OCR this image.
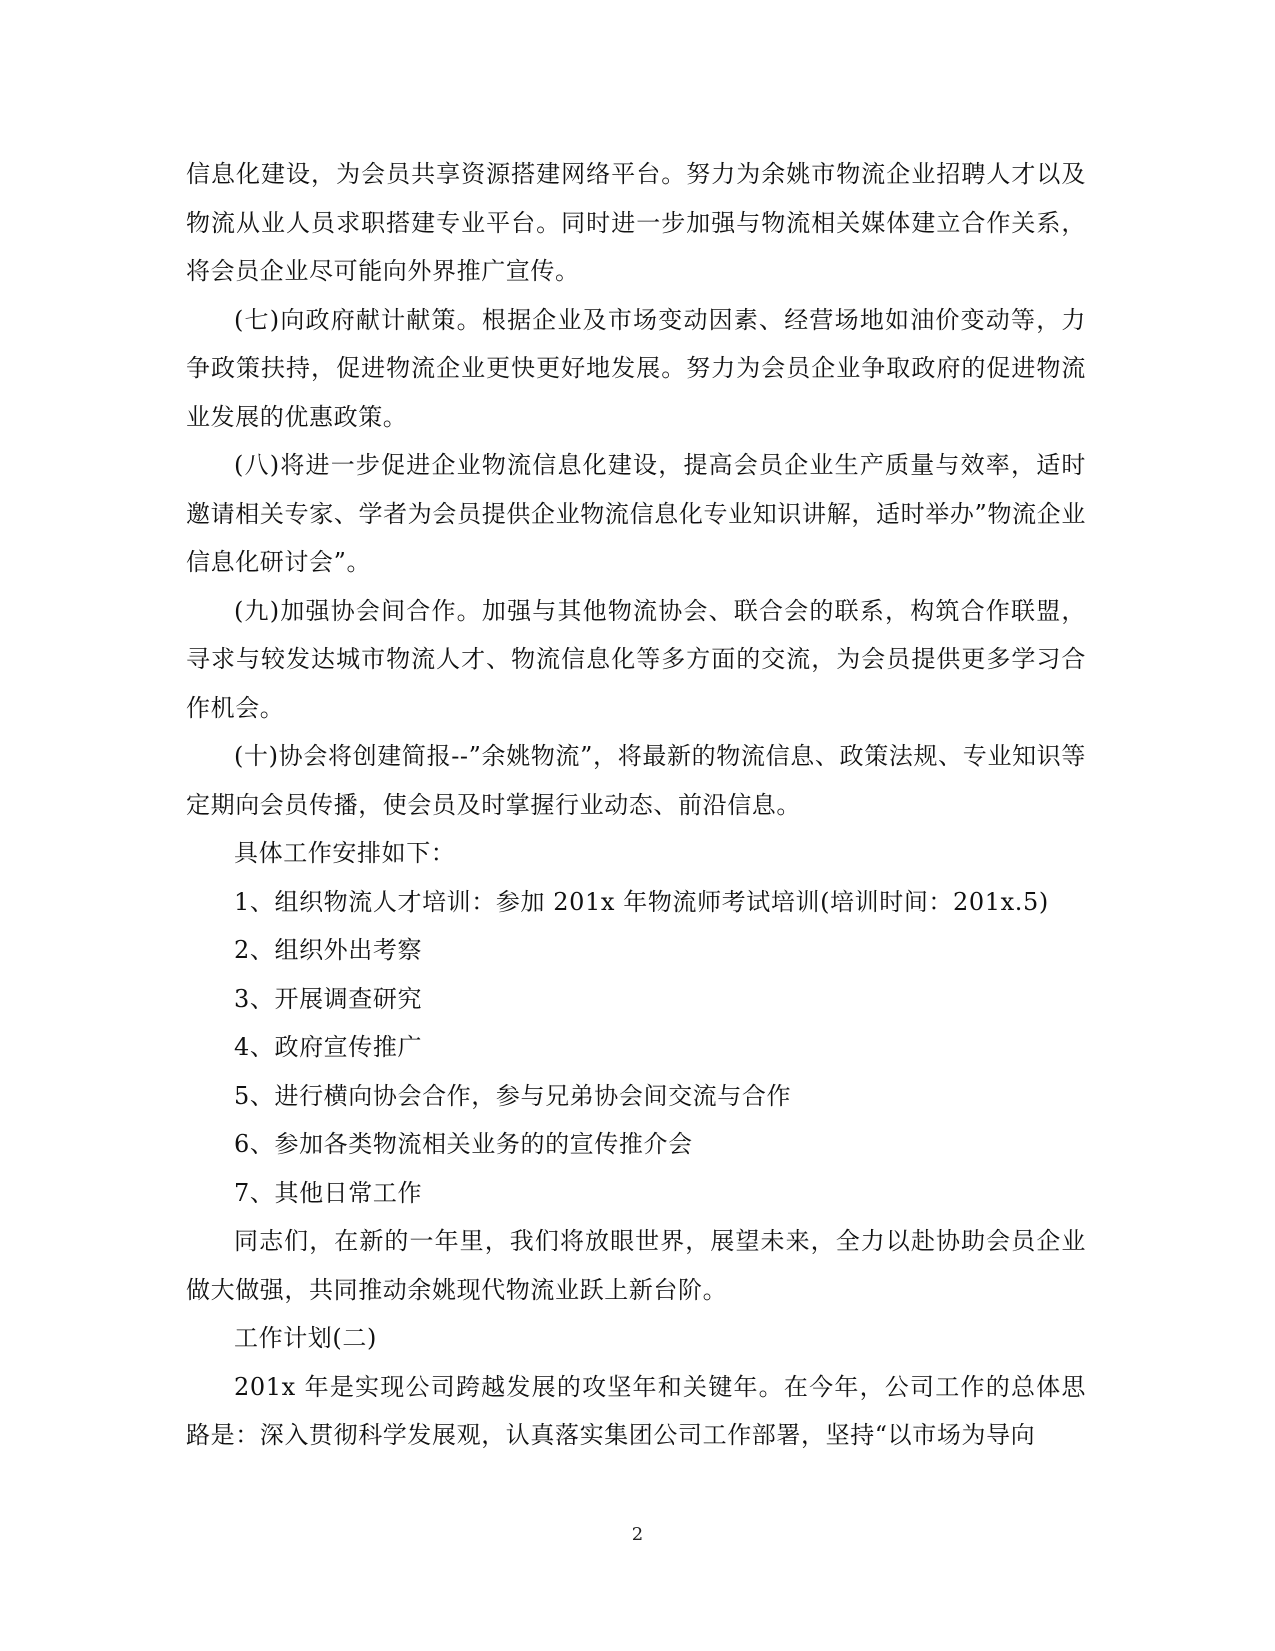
信息化建设，为会员共享资源搭建网络平台。努力为余姚市物流企业招聘人才以及物流从业人员求职搭建专业平台。同时进一步加强与物流相关媒体建立合作关系，将会员企业尽可能向外界推广宣传。

(七)向政府献计献策。根据企业及市场变动因素、经营场地如油价变动等，力争政策扶持，促进物流企业更快更好地发展。努力为会员企业争取政府的促进物流业发展的优惠政策。

(八)将进一步促进企业物流信息化建设，提高会员企业生产质量与效率，适时邀请相关专家、学者为会员提供企业物流信息化专业知识讲解，适时举办”物流企业信息化研讨会”。

(九)加强协会间合作。加强与其他物流协会、联合会的联系，构筑合作联盟，寻求与较发达城市物流人才、物流信息化等多方面的交流，为会员提供更多学习合作机会。

(十)协会将创建简报--”余姚物流”，将最新的物流信息、政策法规、专业知识等定期向会员传播，使会员及时掌握行业动态、前沿信息。

具体工作安排如下：

1、组织物流人才培训：参加 201x 年物流师考试培训(培训时间：201x.5)

2、组织外出考察

3、开展调查研究

4、政府宣传推广

5、进行横向协会合作，参与兄弟协会间交流与合作

6、参加各类物流相关业务的的宣传推介会

7、其他日常工作

同志们，在新的一年里，我们将放眼世界，展望未来，全力以赴协助会员企业做大做强，共同推动余姚现代物流业跃上新台阶。

工作计划(二)

201x 年是实现公司跨越发展的攻坚年和关键年。在今年，公司工作的总体思路是：深入贯彻科学发展观，认真落实集团公司工作部署，坚持“以市场为导向

2
